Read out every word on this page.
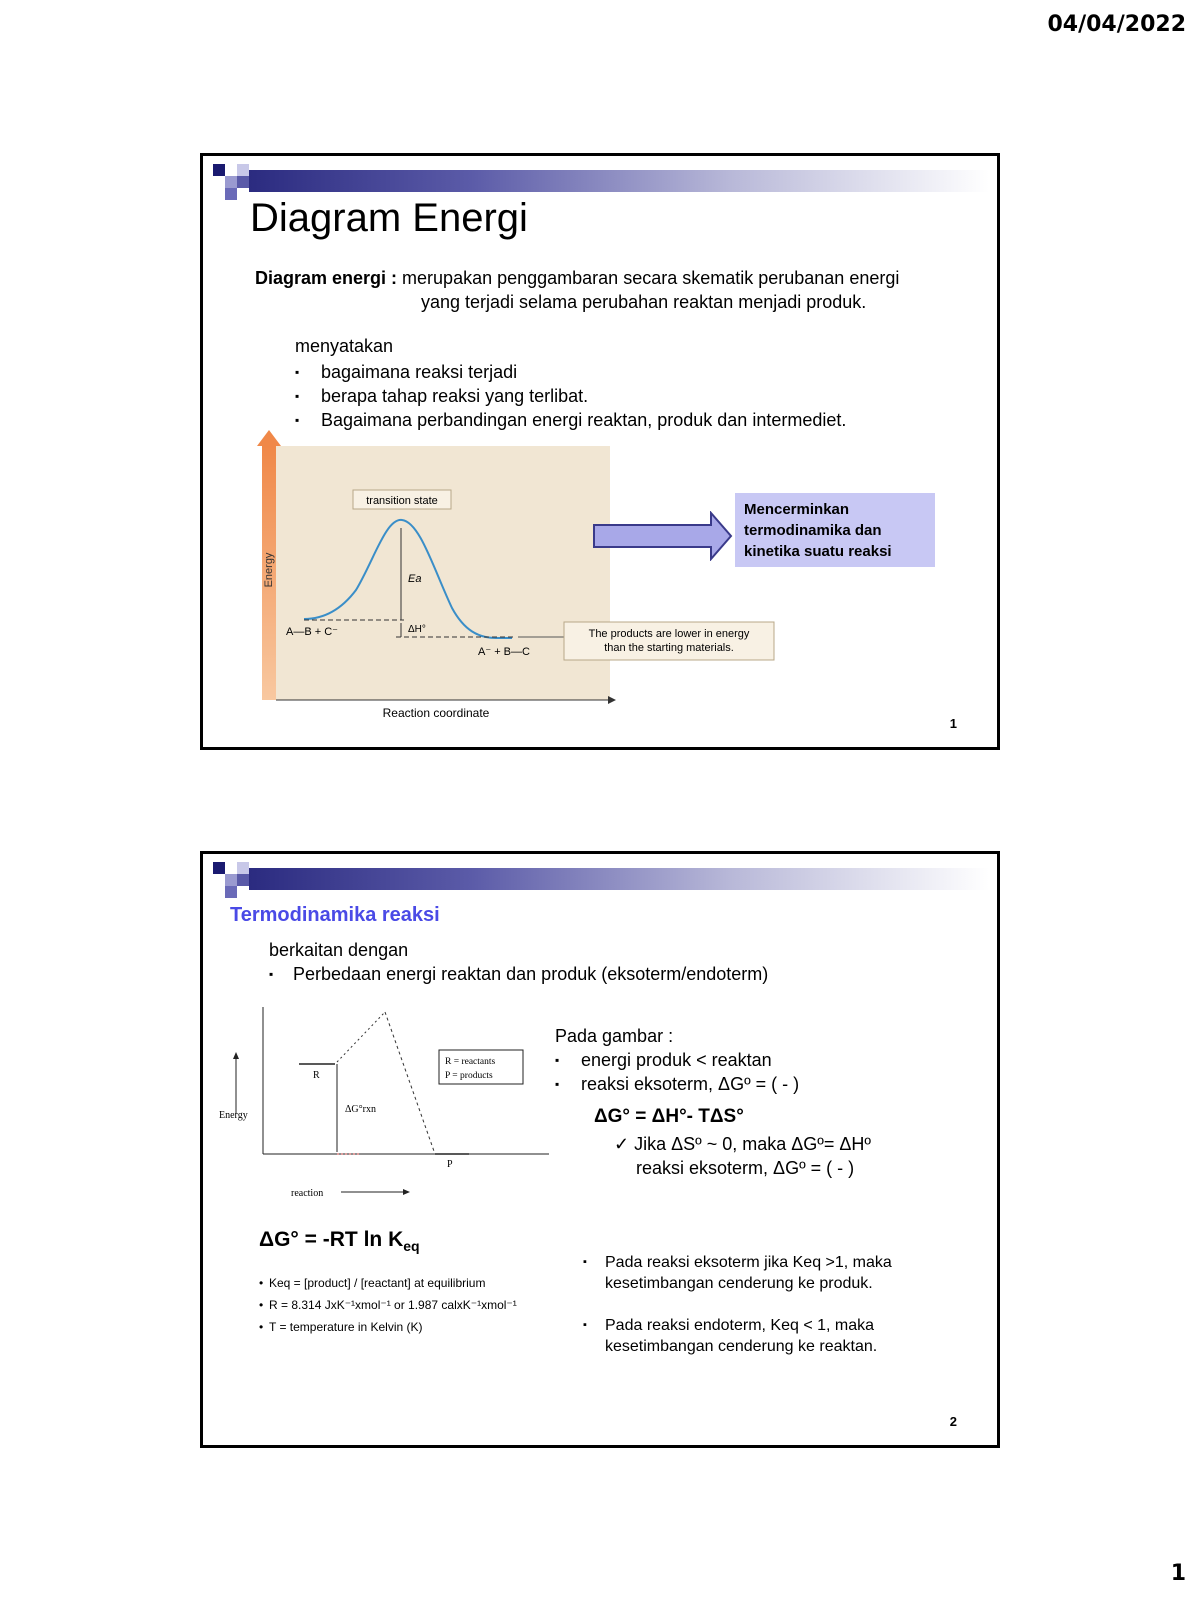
04/04/2022
Diagram Energi
Diagram energi : merupakan penggambaran secara skematik perubanan energi
yang terjadi selama perubahan reaktan menjadi produk.
menyatakan
▪ bagaimana reaksi terjadi
▪ berapa tahap reaksi yang terlibat.
▪ Bagaimana perbandingan energi reaktan, produk dan intermediet.
Energy
Reaction coordinate
transition state
Ea
ΔH°
A—B + C⁻
A⁻ + B—C
The products are lower in energy
than the starting materials.
Mencerminkan termodinamika dan kinetika suatu reaksi
1
Termodinamika reaksi
berkaitan dengan
▪ Perbedaan energi reaktan dan produk (eksoterm/endoterm)
Energy
reaction
R
P
ΔG°rxn
R = reactants
P = products
Pada gambar :
▪ energi produk < reaktan
▪ reaksi eksoterm, ΔGº = ( - )
ΔG° = ΔH°- TΔS°
✓ Jika ΔSº ~ 0, maka ΔGº= ΔHº
reaksi eksoterm, ΔGº = ( - )
ΔG° = -RT $\ln K_{eq}$
• Keq = [product] / [reactant] at equilibrium
• R = 8.314 JxK⁻¹xmol⁻¹ or 1.987 calxK⁻¹xmol⁻¹
• T = temperature in Kelvin (K)
▪ Pada reaksi eksoterm jika Keq >1, maka kesetimbangan cenderung ke produk.
▪ Pada reaksi endoterm, Keq < 1, maka kesetimbangan cenderung ke reaktan.
2
1
